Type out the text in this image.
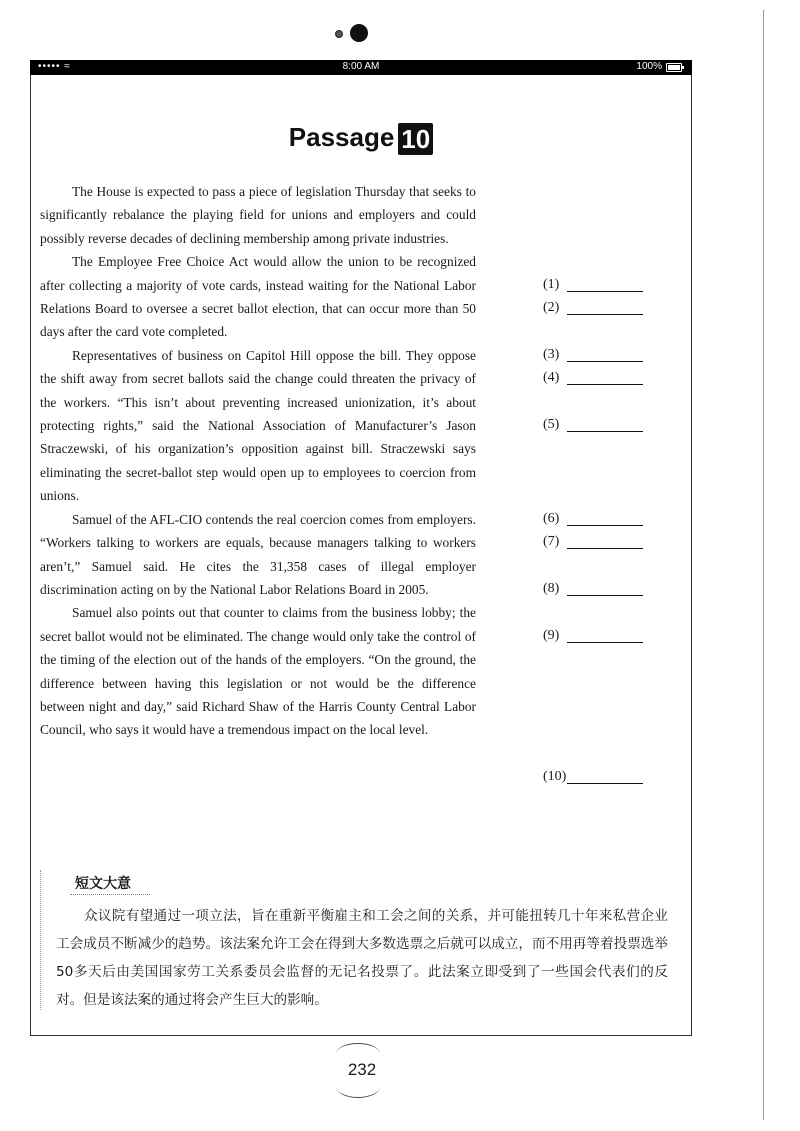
••••• ≈	8:00 AM	100%
Passage 10

The House is expected to pass a piece of legislation Thursday that seeks to significantly rebalance the playing field for unions and employers and could possibly reverse decades of declining membership among private industries.

The Employee Free Choice Act would allow the union to be recognized after collecting a majority of vote cards, instead waiting for the National Labor Relations Board to oversee a secret ballot election, that can occur more than 50 days after the card vote completed.

Representatives of business on Capitol Hill oppose the bill. They oppose the shift away from secret ballots said the change could threaten the privacy of the workers. “This isn’t about preventing increased unionization, it’s about protecting rights,” said the National Association of Manufacturer’s Jason Straczewski, of his organization’s opposition against bill. Straczewski says eliminating the secret-ballot step would open up to employees to coercion from unions.

Samuel of the AFL-CIO contends the real coercion comes from employers. “Workers talking to workers are equals, because managers talking to workers aren’t,” Samuel said. He cites the 31,358 cases of illegal employer discrimination acting on by the National Labor Relations Board in 2005.

Samuel also points out that counter to claims from the business lobby; the secret ballot would not be eliminated. The change would only take the control of the timing of the election out of the hands of the employers. “On the ground, the difference between having this legislation or not would be the difference between night and day,” said Richard Shaw of the Harris County Central Labor Council, who says it would have a tremendous impact on the local level.

(1)
(2)
(3)
(4)
(5)
(6)
(7)
(8)
(9)
(10)
短文大意

众议院有望通过一项立法，旨在重新平衡雇主和工会之间的关系，并可能扭转几十年来私营企业工会成员不断减少的趋势。该法案允许工会在得到大多数选票之后就可以成立，而不用再等着投票选举50多天后由美国国家劳工关系委员会监督的无记名投票了。此法案立即受到了一些国会代表们的反对。但是该法案的通过将会产生巨大的影响。

232
